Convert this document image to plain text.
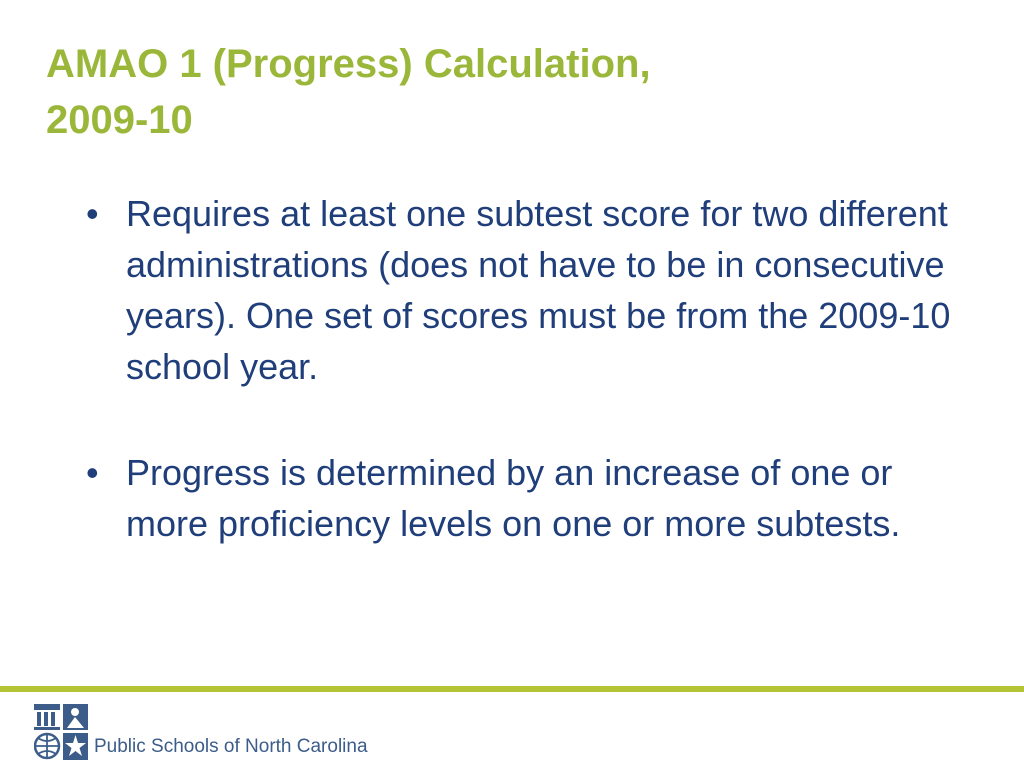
AMAO 1 (Progress) Calculation,
2009-10
• Requires at least one subtest score for two different administrations (does not have to be in consecutive years). One set of scores must be from the 2009-10 school year.
• Progress is determined by an increase of one or more proficiency levels on one or more subtests.
Public Schools of North Carolina
